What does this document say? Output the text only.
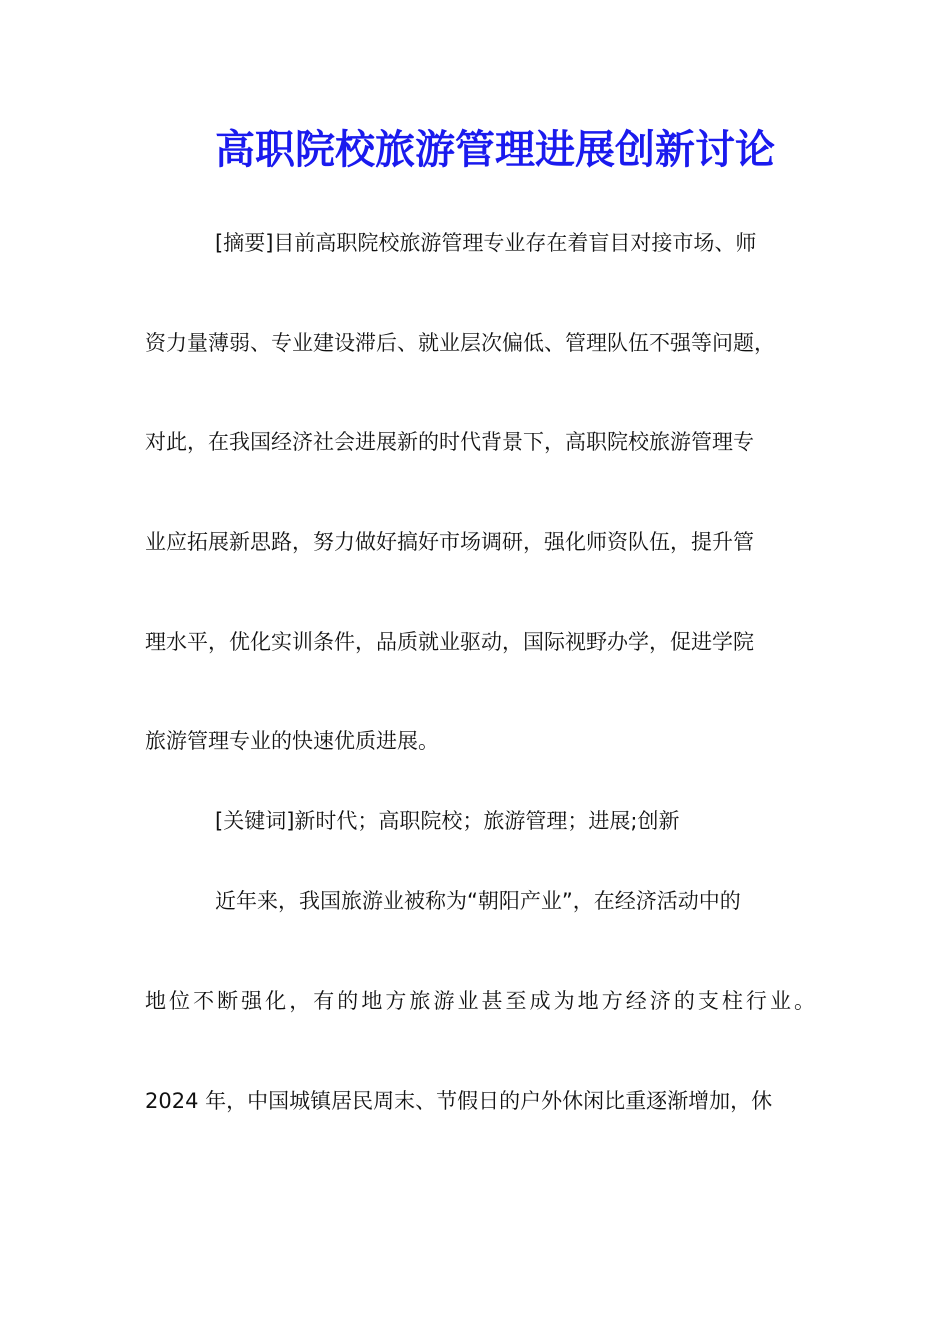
高职院校旅游管理进展创新讨论
[摘要]目前高职院校旅游管理专业存在着盲目对接市场、师
资力量薄弱、专业建设滞后、就业层次偏低、管理队伍不强等问题，
对此，在我国经济社会进展新的时代背景下，高职院校旅游管理专
业应拓展新思路，努力做好搞好市场调研，强化师资队伍，提升管
理水平，优化实训条件，品质就业驱动，国际视野办学，促进学院
旅游管理专业的快速优质进展。
[关键词]新时代；高职院校；旅游管理；进展;创新
近年来，我国旅游业被称为“朝阳产业”，在经济活动中的
地位不断强化，有的地方旅游业甚至成为地方经济的支柱行业。
2024 年，中国城镇居民周末、节假日的户外休闲比重逐渐增加，休
